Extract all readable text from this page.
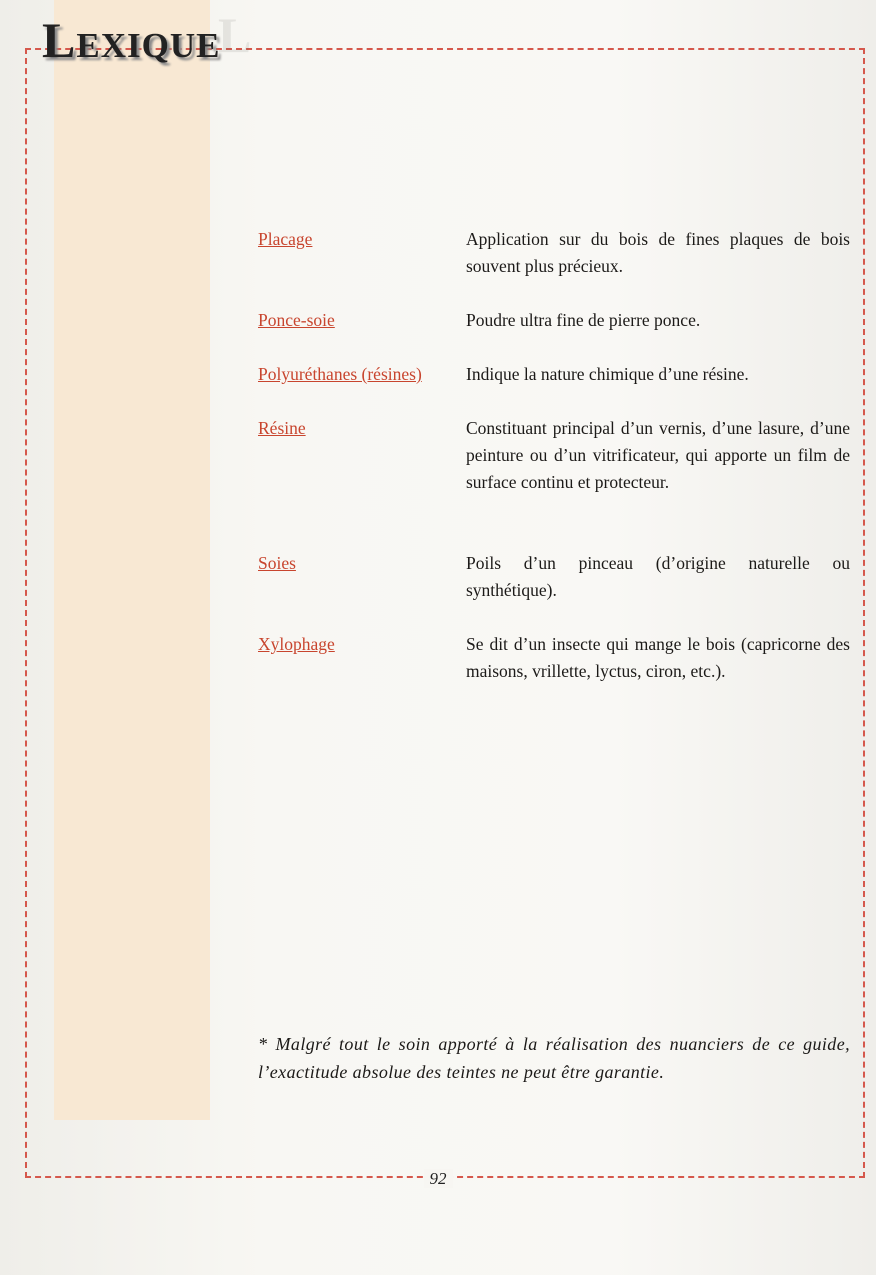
L
Lexique
Placage	Application sur du bois de fines plaques de bois souvent plus précieux.
Ponce-soie	Poudre ultra fine de pierre ponce.
Polyuréthanes (résines)	Indique la nature chimique d’une résine.
Résine	Constituant principal d’un vernis, d’une lasure, d’une peinture ou d’un vitrificateur, qui apporte un film de surface continu et protecteur.
Soies	Poils d’un pinceau (d’origine naturelle ou synthétique).
Xylophage	Se dit d’un insecte qui mange le bois (capricorne des maisons, vrillette, lyctus, ciron, etc.).

* Malgré tout le soin apporté à la réalisation des nuanciers de ce guide, l’exactitude absolue des teintes ne peut être garantie.

92
